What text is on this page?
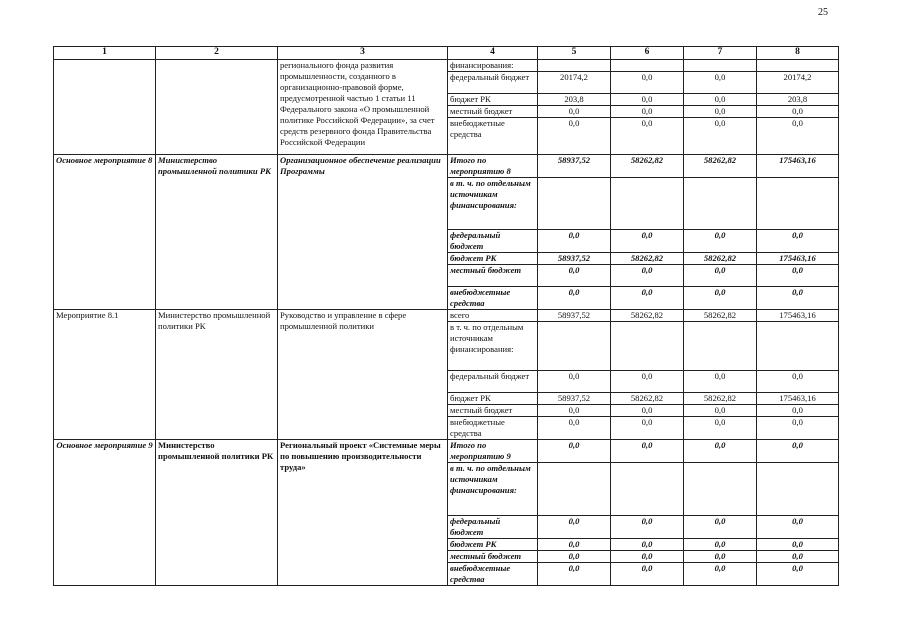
25
1	2	3	4	5	6	7	8
		регионального фонда развития промышленности, созданного в организационно-правовой форме, предусмотренной частью 1 статьи 11 Федерального закона «О промышленной политике Российской Федерации», за счет средств резервного фонда Правительства Российской Федерации	финансирования:				
			федеральный бюджет	20174,2	0,0	0,0	20174,2
			бюджет РК	203,8	0,0	0,0	203,8
			местный бюджет	0,0	0,0	0,0	0,0
			внебюджетные средства	0,0	0,0	0,0	0,0
Основное мероприятие 8	Министерство промышленной политики РК	Организационное обеспечение реализации Программы	Итого по мероприятию 8	58937,52	58262,82	58262,82	175463,16
			в т. ч. по отдельным источникам финансирования:				
			федеральный бюджет	0,0	0,0	0,0	0,0
			бюджет РК	58937,52	58262,82	58262,82	175463,16
			местный бюджет	0,0	0,0	0,0	0,0
			внебюджетные средства	0,0	0,0	0,0	0,0
Мероприятие 8.1	Министерство промышленной политики РК	Руководство и управление в сфере промышленной политики	всего	58937,52	58262,82	58262,82	175463,16
			в т. ч. по отдельным источникам финансирования:				
			федеральный бюджет	0,0	0,0	0,0	0,0
			бюджет РК	58937,52	58262,82	58262,82	175463,16
			местный бюджет	0,0	0,0	0,0	0,0
			внебюджетные средства	0,0	0,0	0,0	0,0
Основное мероприятие 9	Министерство промышленной политики РК	Региональный проект «Системные меры по повышению производительности труда»	Итого по мероприятию 9	0,0	0,0	0,0	0,0
			в т. ч. по отдельным источникам финансирования:				
			федеральный бюджет	0,0	0,0	0,0	0,0
			бюджет РК	0,0	0,0	0,0	0,0
			местный бюджет	0,0	0,0	0,0	0,0
			внебюджетные средства	0,0	0,0	0,0	0,0
